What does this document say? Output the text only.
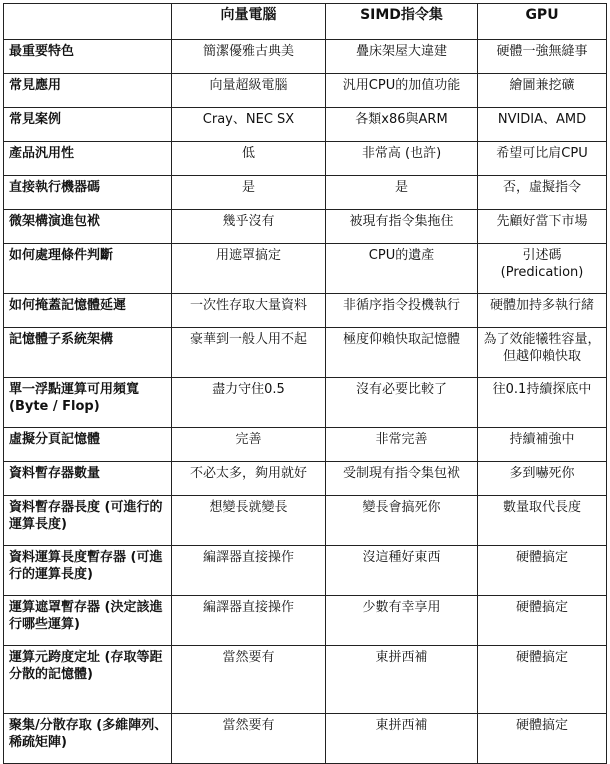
	向量電腦	SIMD指令集	GPU
最重要特色	簡潔優雅古典美	疊床架屋大違建	硬體一強無縫事
常見應用	向量超級電腦	汎用CPU的加值功能	繪圖兼挖礦
常見案例	Cray、NEC SX	各類x86與ARM	NVIDIA、AMD
產品汎用性	低	非常高 (也許)	希望可比肩CPU
直接執行機器碼	是	是	否，虛擬指令
微架構演進包袱	幾乎沒有	被現有指令集拖住	先顧好當下市場
如何處理條件判斷	用遮罩搞定	CPU的遺產	引述碼 (Predication)
如何掩蓋記憶體延遲	一次性存取大量資料	非循序指令投機執行	硬體加持多執行緒
記憶體子系統架構	豪華到一般人用不起	極度仰賴快取記憶體	為了效能犧牲容量，但越仰賴快取
單一浮點運算可用頻寬 (Byte / Flop)	盡力守住0.5	沒有必要比較了	往0.1持續探底中
虛擬分頁記憶體	完善	非常完善	持續補強中
資料暫存器數量	不必太多，夠用就好	受制現有指令集包袱	多到嚇死你
資料暫存器長度 (可進行的運算長度)	想變長就變長	變長會搞死你	數量取代長度
資料運算長度暫存器 (可進行的運算長度)	編譯器直接操作	沒這種好東西	硬體搞定
運算遮罩暫存器 (決定該進行哪些運算)	編譯器直接操作	少數有幸享用	硬體搞定
運算元跨度定址 (存取等距分散的記憶體)	當然要有	東拼西補	硬體搞定
聚集/分散存取 (多維陣列、稀疏矩陣)	當然要有	東拼西補	硬體搞定
